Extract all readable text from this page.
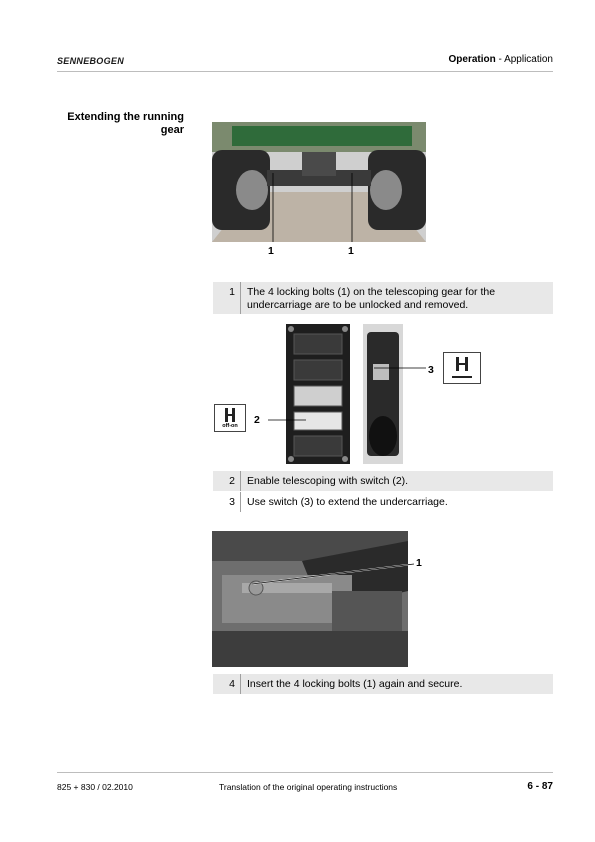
SENNEBOGEN	Operation - Application
Extending the running gear
1	1
1 The 4 locking bolts (1) on the telescoping gear for the undercarriage are to be unlocked and removed.
off-on	2
3
2 Enable telescoping with switch (2).
3 Use switch (3) to extend the undercarriage.
1
4 Insert the 4 locking bolts (1) again and secure.
825 + 830 / 02.2010	Translation of the original operating instructions	6 - 87
